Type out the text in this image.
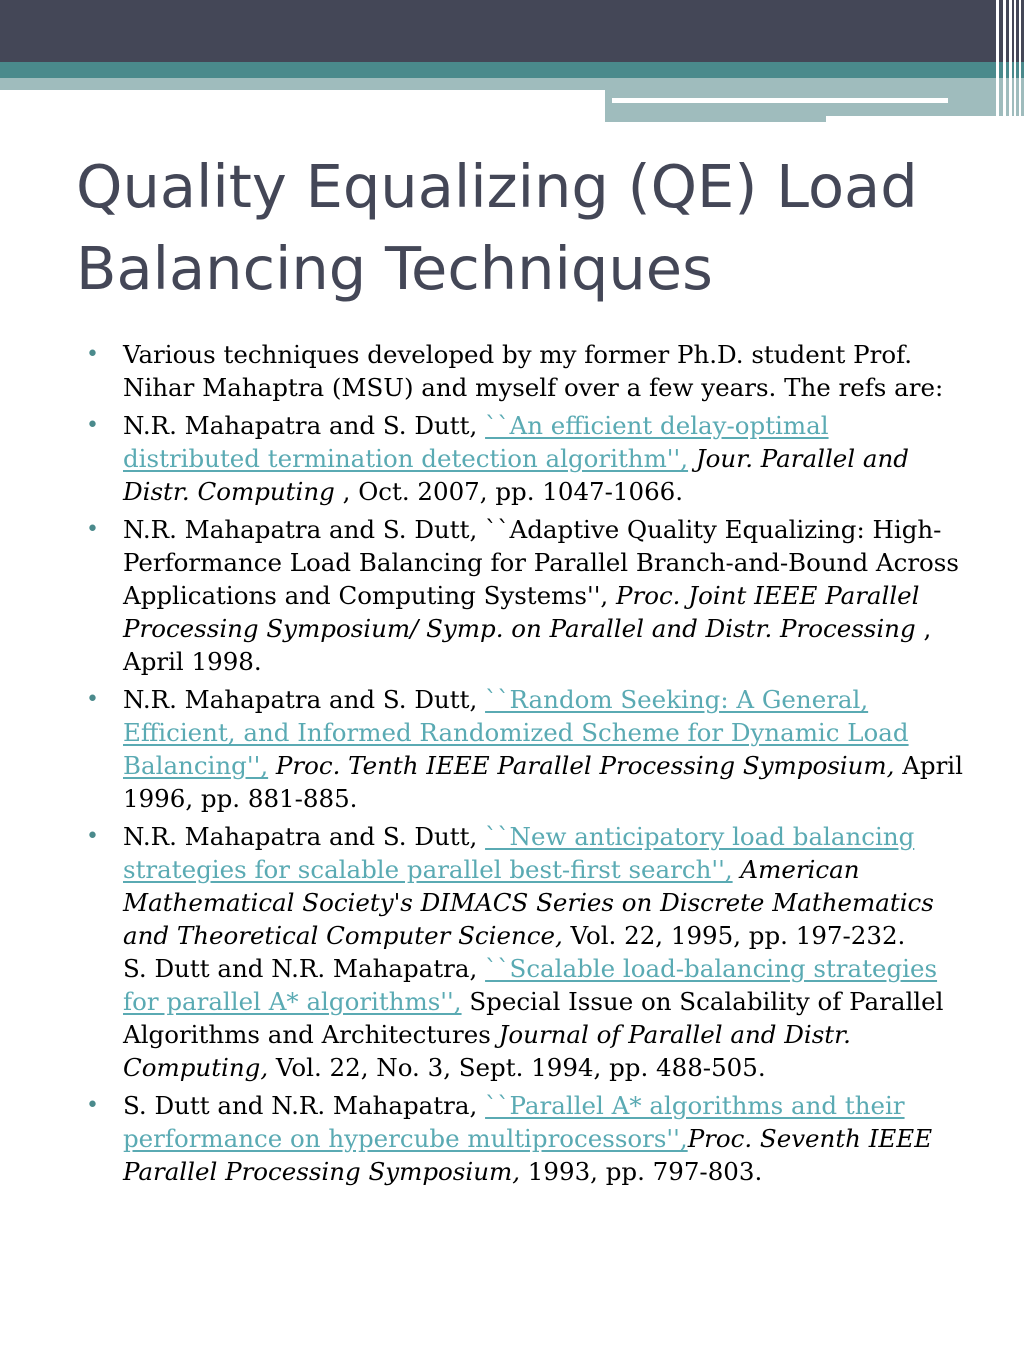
Quality Equalizing (QE) Load
Balancing Techniques
• Various techniques developed by my former Ph.D. student Prof. Nihar Mahaptra (MSU) and myself over a few years. The refs are:
• N.R. Mahapatra and S. Dutt, ``An efficient delay-optimal distributed termination detection algorithm'', Jour. Parallel and Distr. Computing , Oct. 2007, pp. 1047-1066.
• N.R. Mahapatra and S. Dutt, ``Adaptive Quality Equalizing: High-Performance Load Balancing for Parallel Branch-and-Bound Across Applications and Computing Systems'', Proc. Joint IEEE Parallel Processing Symposium/ Symp. on Parallel and Distr. Processing , April 1998.
• N.R. Mahapatra and S. Dutt, ``Random Seeking: A General, Efficient, and Informed Randomized Scheme for Dynamic Load Balancing'', Proc. Tenth IEEE Parallel Processing Symposium, April 1996, pp. 881-885.
• N.R. Mahapatra and S. Dutt, ``New anticipatory load balancing strategies for scalable parallel best-first search'', American Mathematical Society's DIMACS Series on Discrete Mathematics and Theoretical Computer Science, Vol. 22, 1995, pp. 197-232.
S. Dutt and N.R. Mahapatra, ``Scalable load-balancing strategies for parallel A* algorithms'', Special Issue on Scalability of Parallel Algorithms and Architectures Journal of Parallel and Distr. Computing, Vol. 22, No. 3, Sept. 1994, pp. 488-505.
• S. Dutt and N.R. Mahapatra, ``Parallel A* algorithms and their performance on hypercube multiprocessors'',Proc. Seventh IEEE Parallel Processing Symposium, 1993, pp. 797-803.
